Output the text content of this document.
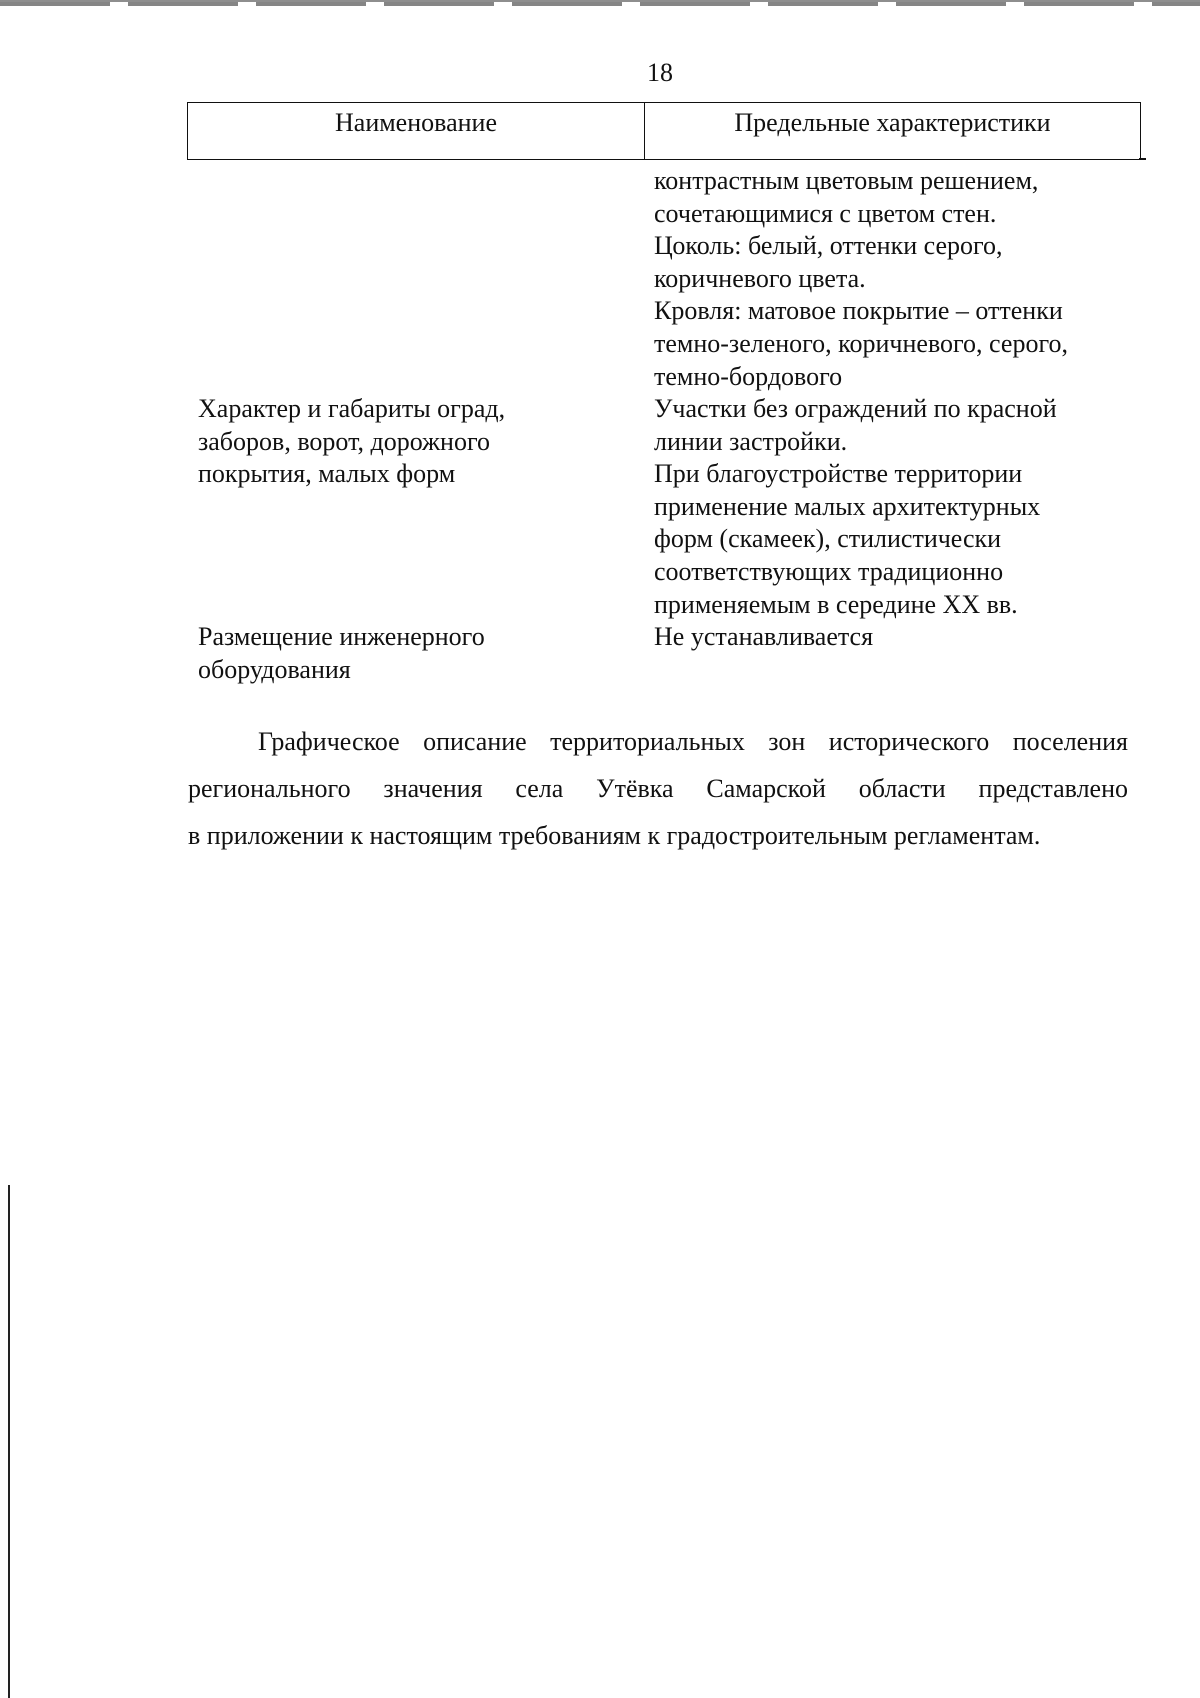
18
Наименование	Предельные характеристики
контрастным цветовым решением,
сочетающимися с цветом стен.
Цоколь: белый, оттенки серого,
коричневого цвета.
Кровля: матовое покрытие – оттенки
темно-зеленого, коричневого, серого,
темно-бордового
Характер и габариты оград,
заборов, ворот, дорожного
покрытия, малых форм
Участки без ограждений по красной
линии застройки.
При благоустройстве территории
применение малых архитектурных
форм (скамеек), стилистически
соответствующих традиционно
применяемым в середине XX вв.
Размещение инженерного
оборудования
Не устанавливается
Графическое описание территориальных зон исторического поселения
регионального значения села Утёвка Самарской области представлено
в приложении к настоящим требованиям к градостроительным регламентам.
